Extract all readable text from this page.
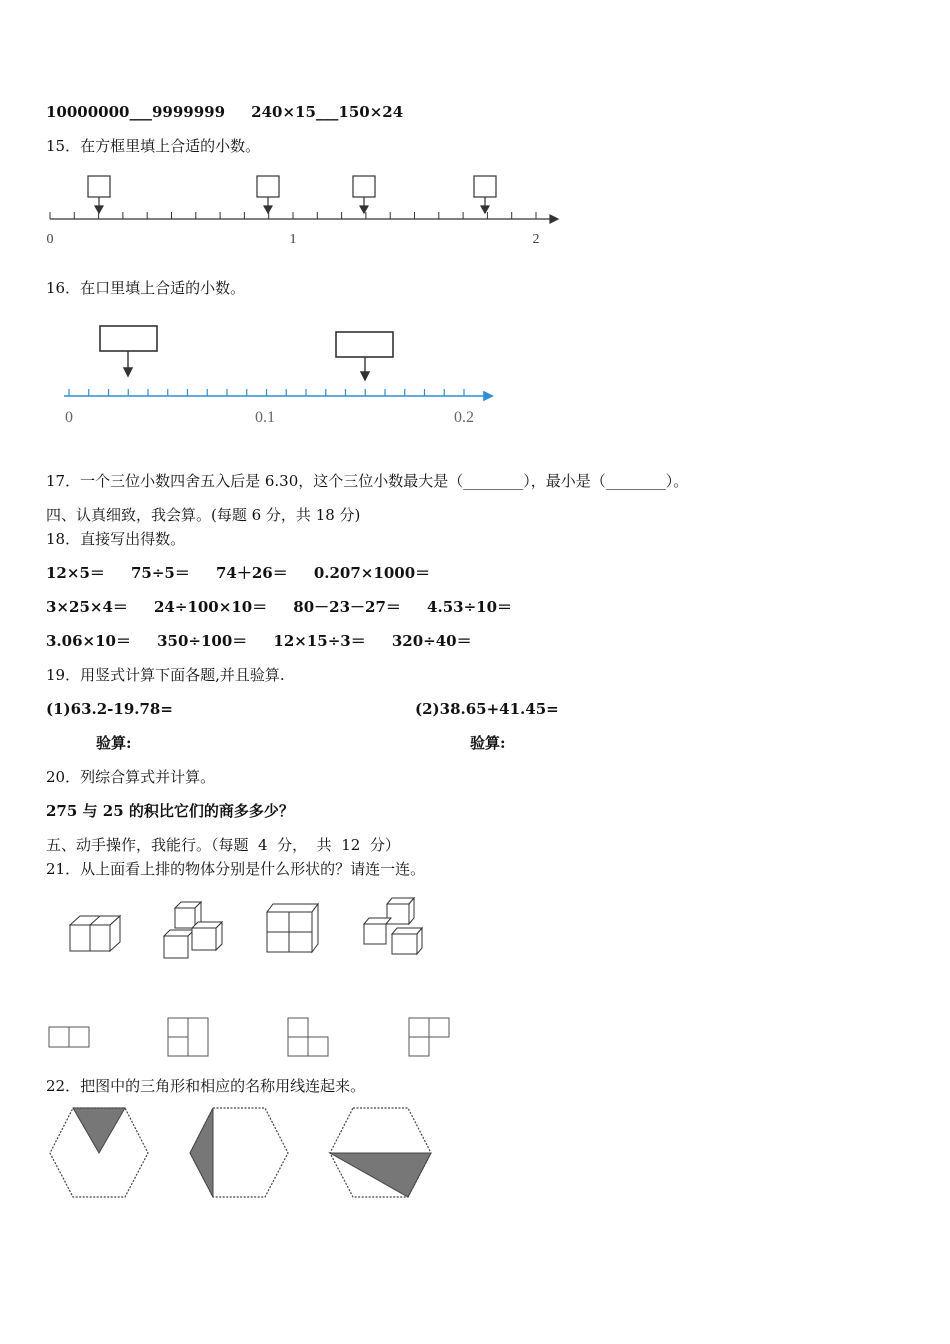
10000000___9999999     240×15___150×24
15．在方框里填上合适的小数。
0	1	2
16．在口里填上合适的小数。
0	0.1	0.2
17．一个三位小数四舍五入后是 6.30，这个三位小数最大是（________），最小是（________）。
四、认真细致，我会算。(每题 6 分，共 18 分)
18．直接写出得数。
12×5＝     75÷5＝     74＋26＝     0.207×1000＝
3×25×4＝     24÷100×10＝     80－23－27＝     4.53÷10＝
3.06×10＝     350÷100＝     12×15÷3＝     320÷40＝
19．用竖式计算下面各题,并且验算.
(1)63.2-19.78=	(2)38.65+41.45=
验算:	验算:
20．列综合算式并计算。
275 与 25 的积比它们的商多多少？
五、动手操作，我能行。（每题  4  分，  共  12  分）
21．从上面看上排的物体分别是什么形状的？请连一连。
22．把图中的三角形和相应的名称用线连起来。
